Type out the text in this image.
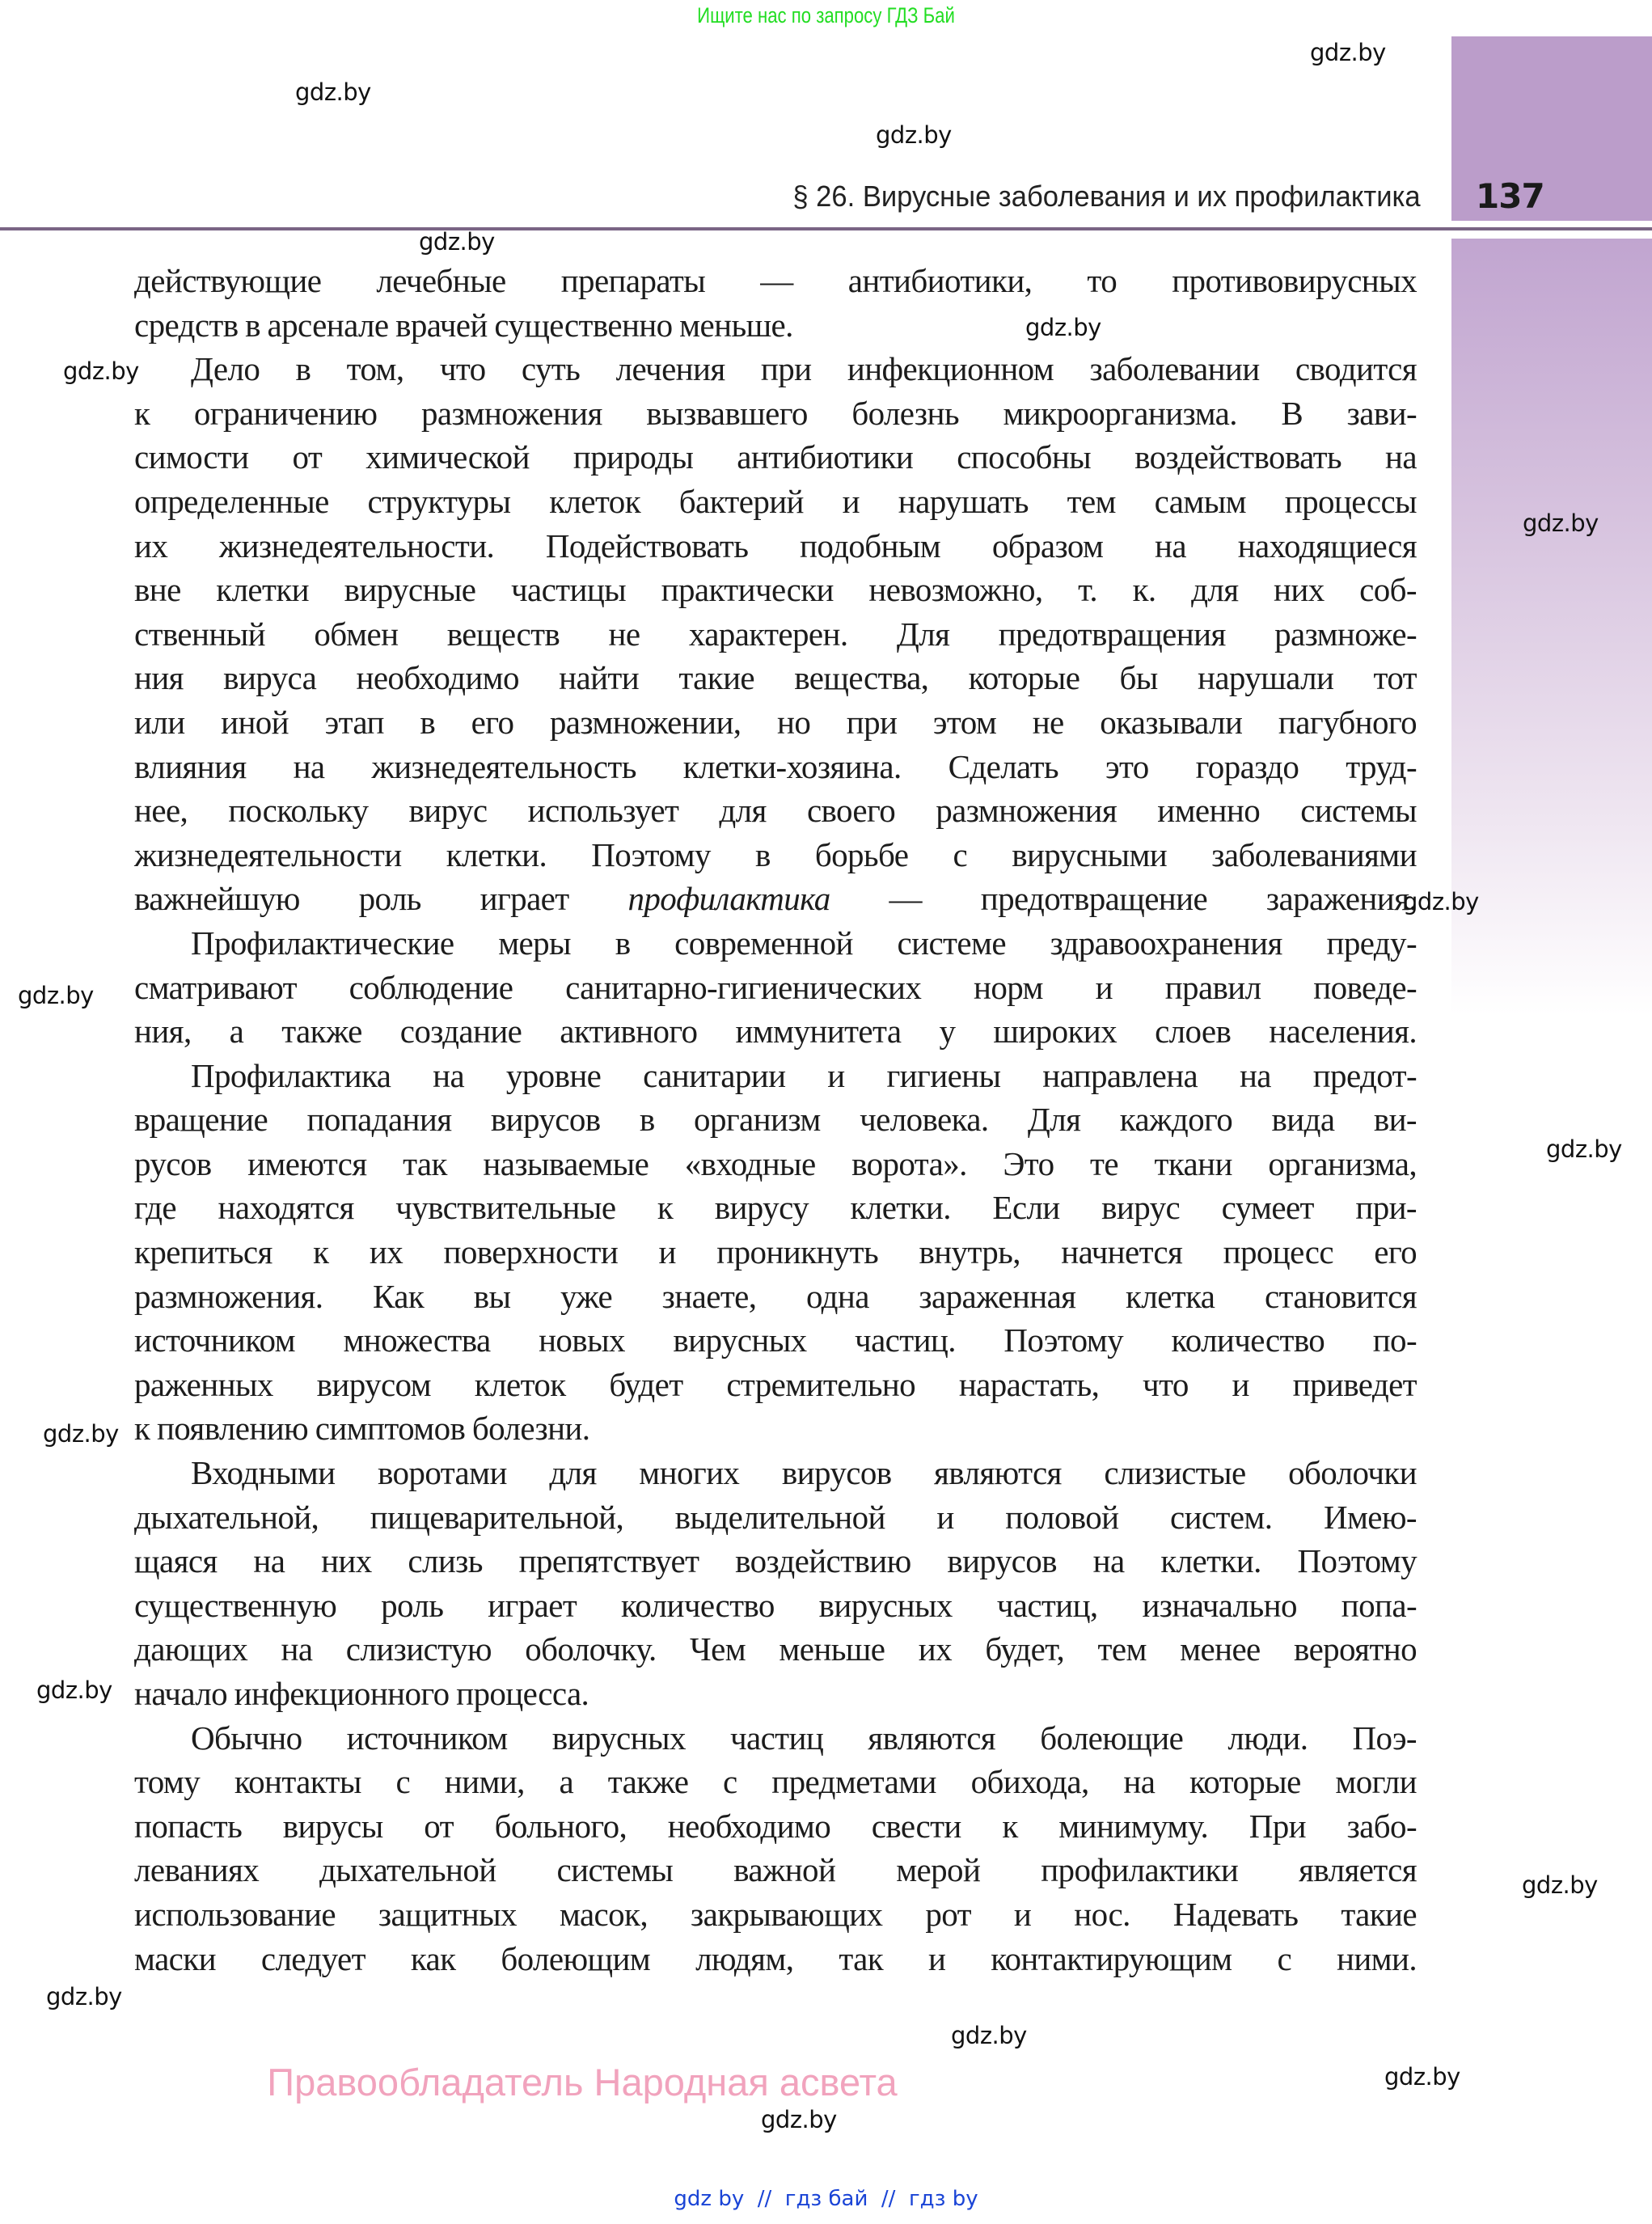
Ищите нас по запросу ГДЗ Бай
§ 26. Вирусные заболевания и их профилактика 137
действующие лечебные препараты — антибиотики, то противовирусных
средств в арсенале врачей существенно меньше.
Дело в том, что суть лечения при инфекционном заболевании сводится
к ограничению размножения вызвавшего болезнь микроорганизма. В зави-
симости от химической природы антибиотики способны воздействовать на
определенные структуры клеток бактерий и нарушать тем самым процессы
их жизнедеятельности. Подействовать подобным образом на находящиеся
вне клетки вирусные частицы практически невозможно, т. к. для них соб-
ственный обмен веществ не характерен. Для предотвращения размноже-
ния вируса необходимо найти такие вещества, которые бы нарушали тот
или иной этап в его размножении, но при этом не оказывали пагубного
влияния на жизнедеятельность клетки-хозяина. Сделать это гораздо труд-
нее, поскольку вирус использует для своего размножения именно системы
жизнедеятельности клетки. Поэтому в борьбе с вирусными заболеваниями
важнейшую роль играет профилактика — предотвращение заражения.
Профилактические меры в современной системе здравоохранения преду-
сматривают соблюдение санитарно-гигиенических норм и правил поведе-
ния, а также создание активного иммунитета у широких слоев населения.
Профилактика на уровне санитарии и гигиены направлена на предот-
вращение попадания вирусов в организм человека. Для каждого вида ви-
русов имеются так называемые «входные ворота». Это те ткани организма,
где находятся чувствительные к вирусу клетки. Если вирус сумеет при-
крепиться к их поверхности и проникнуть внутрь, начнется процесс его
размножения. Как вы уже знаете, одна зараженная клетка становится
источником множества новых вирусных частиц. Поэтому количество по-
раженных вирусом клеток будет стремительно нарастать, что и приведет
к появлению симптомов болезни.
Входными воротами для многих вирусов являются слизистые оболочки
дыхательной, пищеварительной, выделительной и половой систем. Имею-
щаяся на них слизь препятствует воздействию вирусов на клетки. Поэтому
существенную роль играет количество вирусных частиц, изначально попа-
дающих на слизистую оболочку. Чем меньше их будет, тем менее вероятно
начало инфекционного процесса.
Обычно источником вирусных частиц являются болеющие люди. Поэ-
тому контакты с ними, а также с предметами обихода, на которые могли
попасть вирусы от больного, необходимо свести к минимуму. При забо-
леваниях дыхательной системы важной мерой профилактики является
использование защитных масок, закрывающих рот и нос. Надевать такие
маски следует как болеющим людям, так и контактирующим с ними.
gdz.by
gdz.by
gdz.by
gdz.by
gdz.by
gdz.by
gdz.by
gdz.by
gdz.by
gdz.by
gdz.by
gdz.by
gdz.by
gdz.by
gdz.by
gdz.by
gdz.by
Правообладатель Народная асвета
gdz by  //  гдз бай  //  гдз by
